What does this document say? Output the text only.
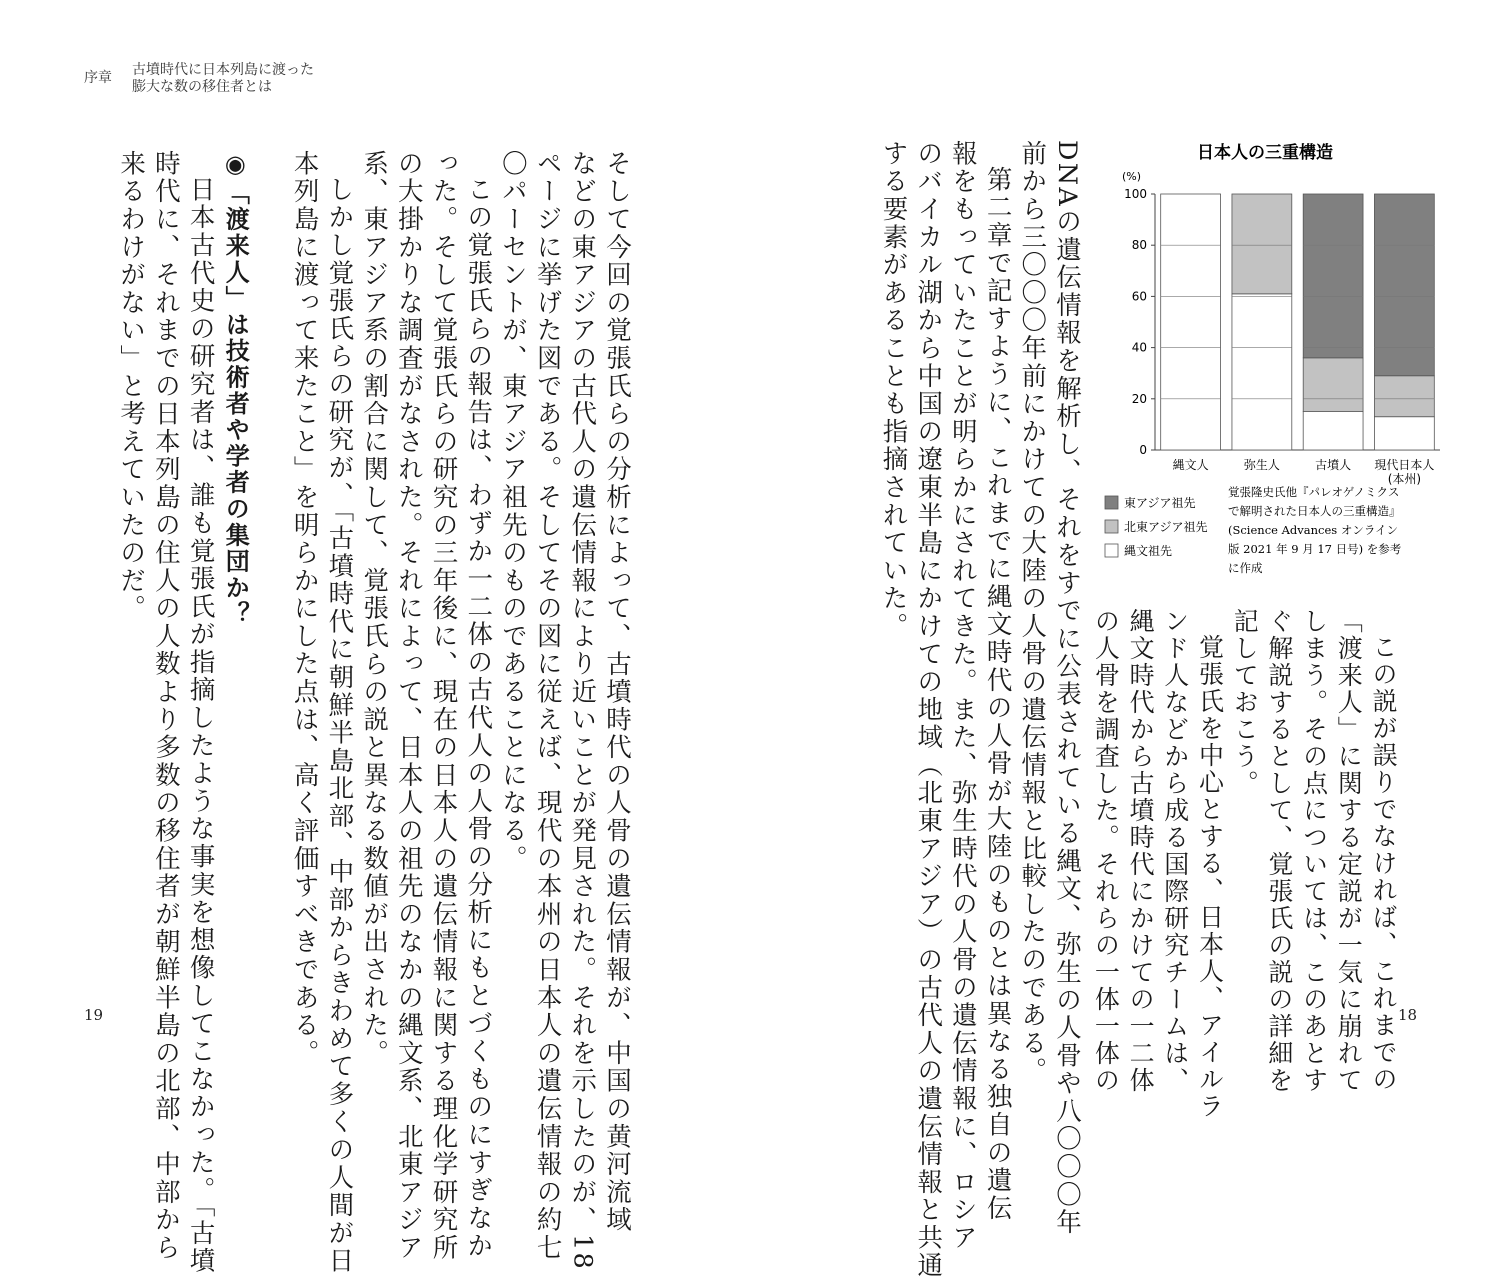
序章	古墳時代に日本列島に渡った
膨大な数の移住者とは
そして今回の覚張氏らの分析によって、古墳時代の人骨の遺伝情報が、中国の黄河流域
などの東アジアの古代人の遺伝情報により近いことが発見された。それを示したのが、18
ページに挙げた図である。そしてその図に従えば、現代の本州の日本人の遺伝情報の約七
〇パーセントが、東アジア祖先のものであることになる。
この覚張氏らの報告は、わずか一二体の古代人の人骨の分析にもとづくものにすぎなか
った。そして覚張氏らの研究の三年後に、現在の日本人の遺伝情報に関する理化学研究所
の大掛かりな調査がなされた。それによって、日本人の祖先のなかの縄文系、北東アジア
系、東アジア系の割合に関して、覚張氏らの説と異なる数値が出された。
しかし覚張氏らの研究が、「古墳時代に朝鮮半島北部、中部からきわめて多くの人間が日
本列島に渡って来たこと」を明らかにした点は、高く評価すべきである。

◉「渡来人」は技術者や学者の集団か？
日本古代史の研究者は、誰も覚張氏が指摘したような事実を想像してこなかった。「古墳
時代に、それまでの日本列島の住人の人数より多数の移住者が朝鮮半島の北部、中部から
来るわけがない」と考えていたのだ。
19	DNAの遺伝情報を解析し、それをすでに公表されている縄文、弥生の人骨や八〇〇〇年
前から三〇〇〇年前にかけての大陸の人骨の遺伝情報と比較したのである。
第二章で記すように、これまでに縄文時代の人骨が大陸のものとは異なる独自の遺伝
報をもっていたことが明らかにされてきた。また、弥生時代の人骨の遺伝情報に、ロシア
のバイカル湖から中国の遼東半島にかけての地域（北東アジア）の古代人の遺伝情報と共通
する要素があることも指摘されていた。
この説が誤りでなければ、これまでの
「渡来人」に関する定説が一気に崩れて
しまう。その点については、このあとす
ぐ解説するとして、覚張氏の説の詳細を
記しておこう。
覚張氏を中心とする、日本人、アイルラ
ンド人などから成る国際研究チームは、
縄文時代から古墳時代にかけての一二体
の人骨を調査した。それらの一体一体の
日本人の三重構造
(%)
0
20
40
60
80
100
縄文人	弥生人	古墳人 現代日本人
(本州)
東アジア祖先
北東アジア祖先
縄文祖先
覚張隆史氏他『パレオゲノミクス
で解明された日本人の三重構造』
(Science Advances オンライン
版 2021 年 9 月 17 日号) を参考
に作成
18
